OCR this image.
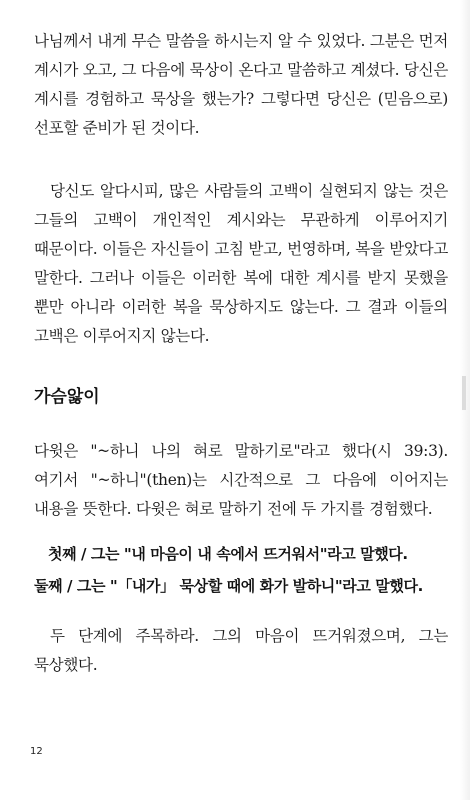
나님께서 내게 무슨 말씀을 하시는지 알 수 있었다. 그분은 먼저 계시가 오고, 그 다음에 묵상이 온다고 말씀하고 계셨다. 당신은 계시를 경험하고 묵상을 했는가? 그렇다면 당신은 (믿음으로) 선포할 준비가 된 것이다.

당신도 알다시피, 많은 사람들의 고백이 실현되지 않는 것은 그들의 고백이 개인적인 계시와는 무관하게 이루어지기 때문이다. 이들은 자신들이 고침 받고, 번영하며, 복을 받았다고 말한다. 그러나 이들은 이러한 복에 대한 계시를 받지 못했을 뿐만 아니라 이러한 복을 묵상하지도 않는다. 그 결과 이들의 고백은 이루어지지 않는다.

가슴앓이

다윗은 "~하니 나의 혀로 말하기로"라고 했다(시 39:3). 여기서 "~하니"(then)는 시간적으로 그 다음에 이어지는 내용을 뜻한다. 다윗은 혀로 말하기 전에 두 가지를 경험했다.

첫째 / 그는 "내 마음이 내 속에서 뜨거워서"라고 말했다.
둘째 / 그는 "「내가」 묵상할 때에 화가 발하니"라고 말했다.

두 단계에 주목하라. 그의 마음이 뜨거워졌으며, 그는 묵상했다.

12
